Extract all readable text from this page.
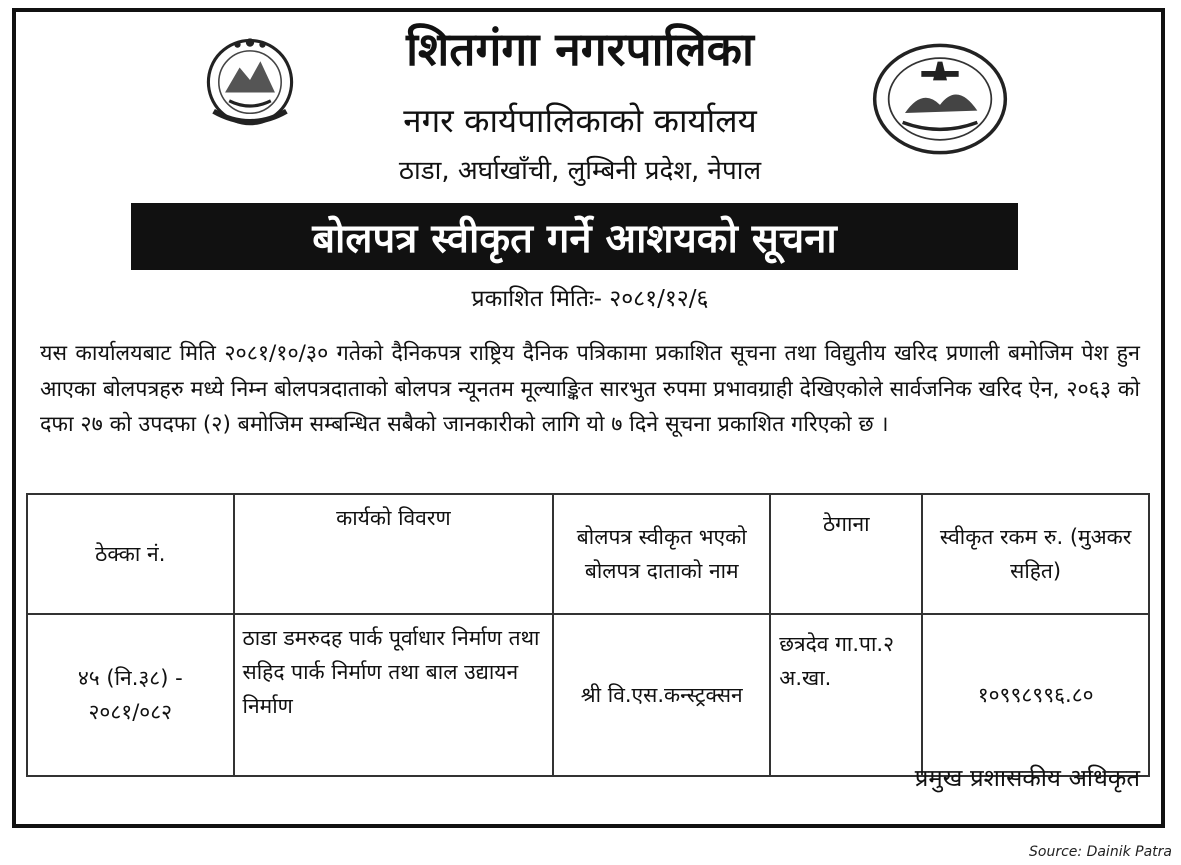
शितगंगा नगरपालिका
नगर कार्यपालिकाको कार्यालय
ठाडा, अर्घाखाँची, लुम्बिनी प्रदेश, नेपाल
बोलपत्र स्वीकृत गर्ने आशयको सूचना
प्रकाशित मितिः- २०८१/१२/६
यस कार्यालयबाट मिति २०८१/१०/३० गतेको दैनिकपत्र राष्ट्रिय दैनिक पत्रिकामा प्रकाशित सूचना तथा विद्युतीय खरिद प्रणाली बमोजिम पेश हुन आएका बोलपत्रहरु मध्ये निम्न बोलपत्रदाताको बोलपत्र न्यूनतम मूल्याङ्कित सारभुत रुपमा प्रभावग्राही देखिएकोले सार्वजनिक खरिद ऐन, २०६३ को दफा २७ को उपदफा (२) बमोजिम सम्बन्धित सबैको जानकारीको लागि यो ७ दिने सूचना प्रकाशित गरिएको छ ।
ठेक्का नं.	कार्यको विवरण	बोलपत्र स्वीकृत भएको बोलपत्र दाताको नाम	ठेगाना	स्वीकृत रकम रु. (मुअकर सहित)
४५ (नि.३८) - २०८१/०८२	ठाडा डमरुदह पार्क पूर्वाधार निर्माण तथा सहिद पार्क निर्माण तथा बाल उद्यायन निर्माण	श्री वि.एस.कन्स्ट्रक्सन	छत्रदेव गा.पा.२ अ.खा.	१०९९८९९६.८०
प्रमुख प्रशासकीय अधिकृत
Source: Dainik Patra
